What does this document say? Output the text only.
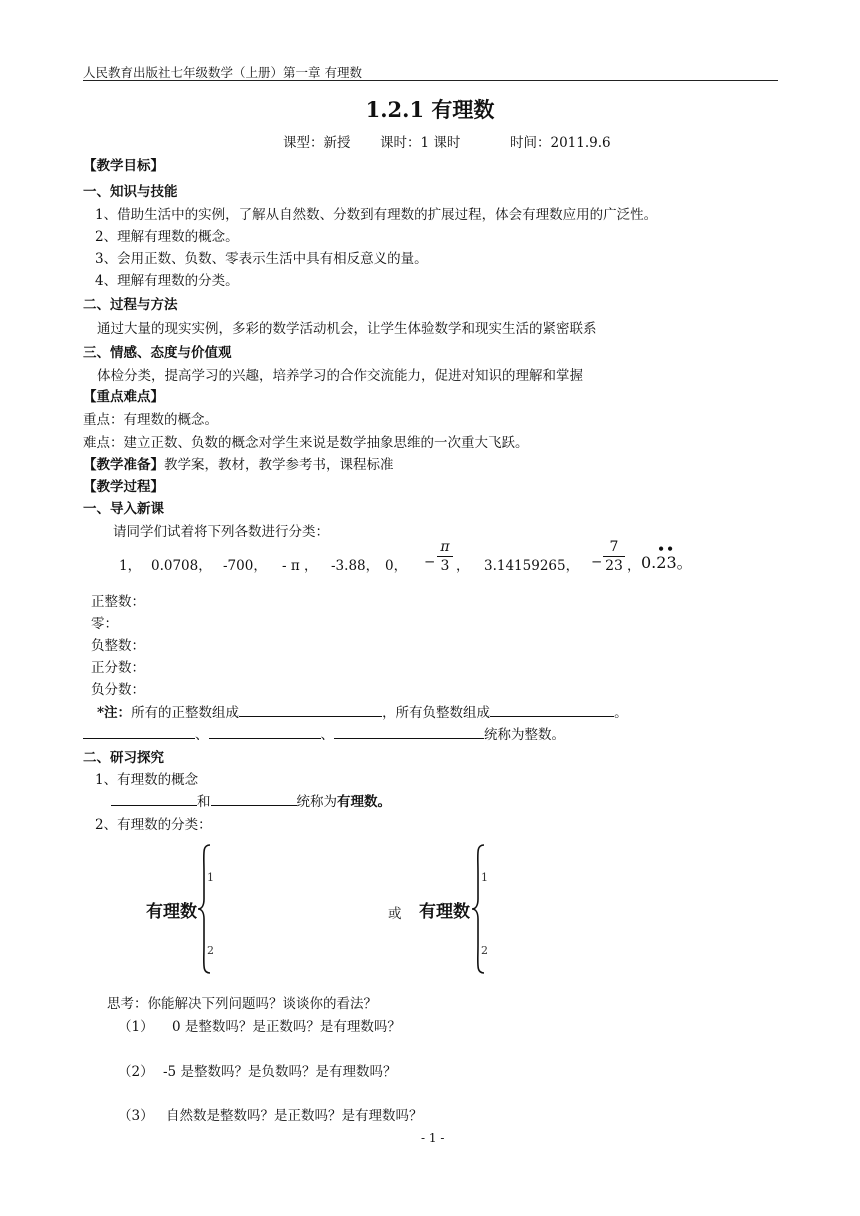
人民教育出版社七年级数学（上册）第一章 有理数
1.2.1 有理数
课型：新授 课时：1 课时	时间：2011.9.6
【教学目标】
一、知识与技能
1、借助生活中的实例，了解从自然数、分数到有理数的扩展过程，体会有理数应用的广泛性。
2、理解有理数的概念。
3、会用正数、负数、零表示生活中具有相反意义的量。
4、理解有理数的分类。
二、过程与方法
通过大量的现实实例，多彩的数学活动机会，让学生体验数学和现实生活的紧密联系
三、情感、态度与价值观
体检分类，提高学习的兴趣，培养学习的合作交流能力，促进对知识的理解和掌握
【重点难点】
重点：有理数的概念。
难点：建立正数、负数的概念对学生来说是数学抽象思维的一次重大飞跃。
【教学准备】教学案，教材，教学参考书，课程标准
【教学过程】
一、导入新课
请同学们试着将下列各数进行分类：
1， 0.0708， -700， - π ， -3.88， 0， −
π
3 ， 3.14159265， −
7
23 ， 0.23
• •
。
正整数：
零：
负整数：
正分数：
负分数：
*注：所有的正整数组成	，所有负整数组成	。
、	、	统称为整数。
二、研习探究
1、有理数的概念
和	统称为有理数。
2、有理数的分类：
有理数
1
2
或 有理数
1
2
思考：你能解决下列问题吗？谈谈你的看法？
（1） 0 是整数吗？是正数吗？是有理数吗？
（2） -5 是整数吗？是负数吗？是有理数吗？
（3） 自然数是整数吗？是正数吗？是有理数吗？
- 1 -
